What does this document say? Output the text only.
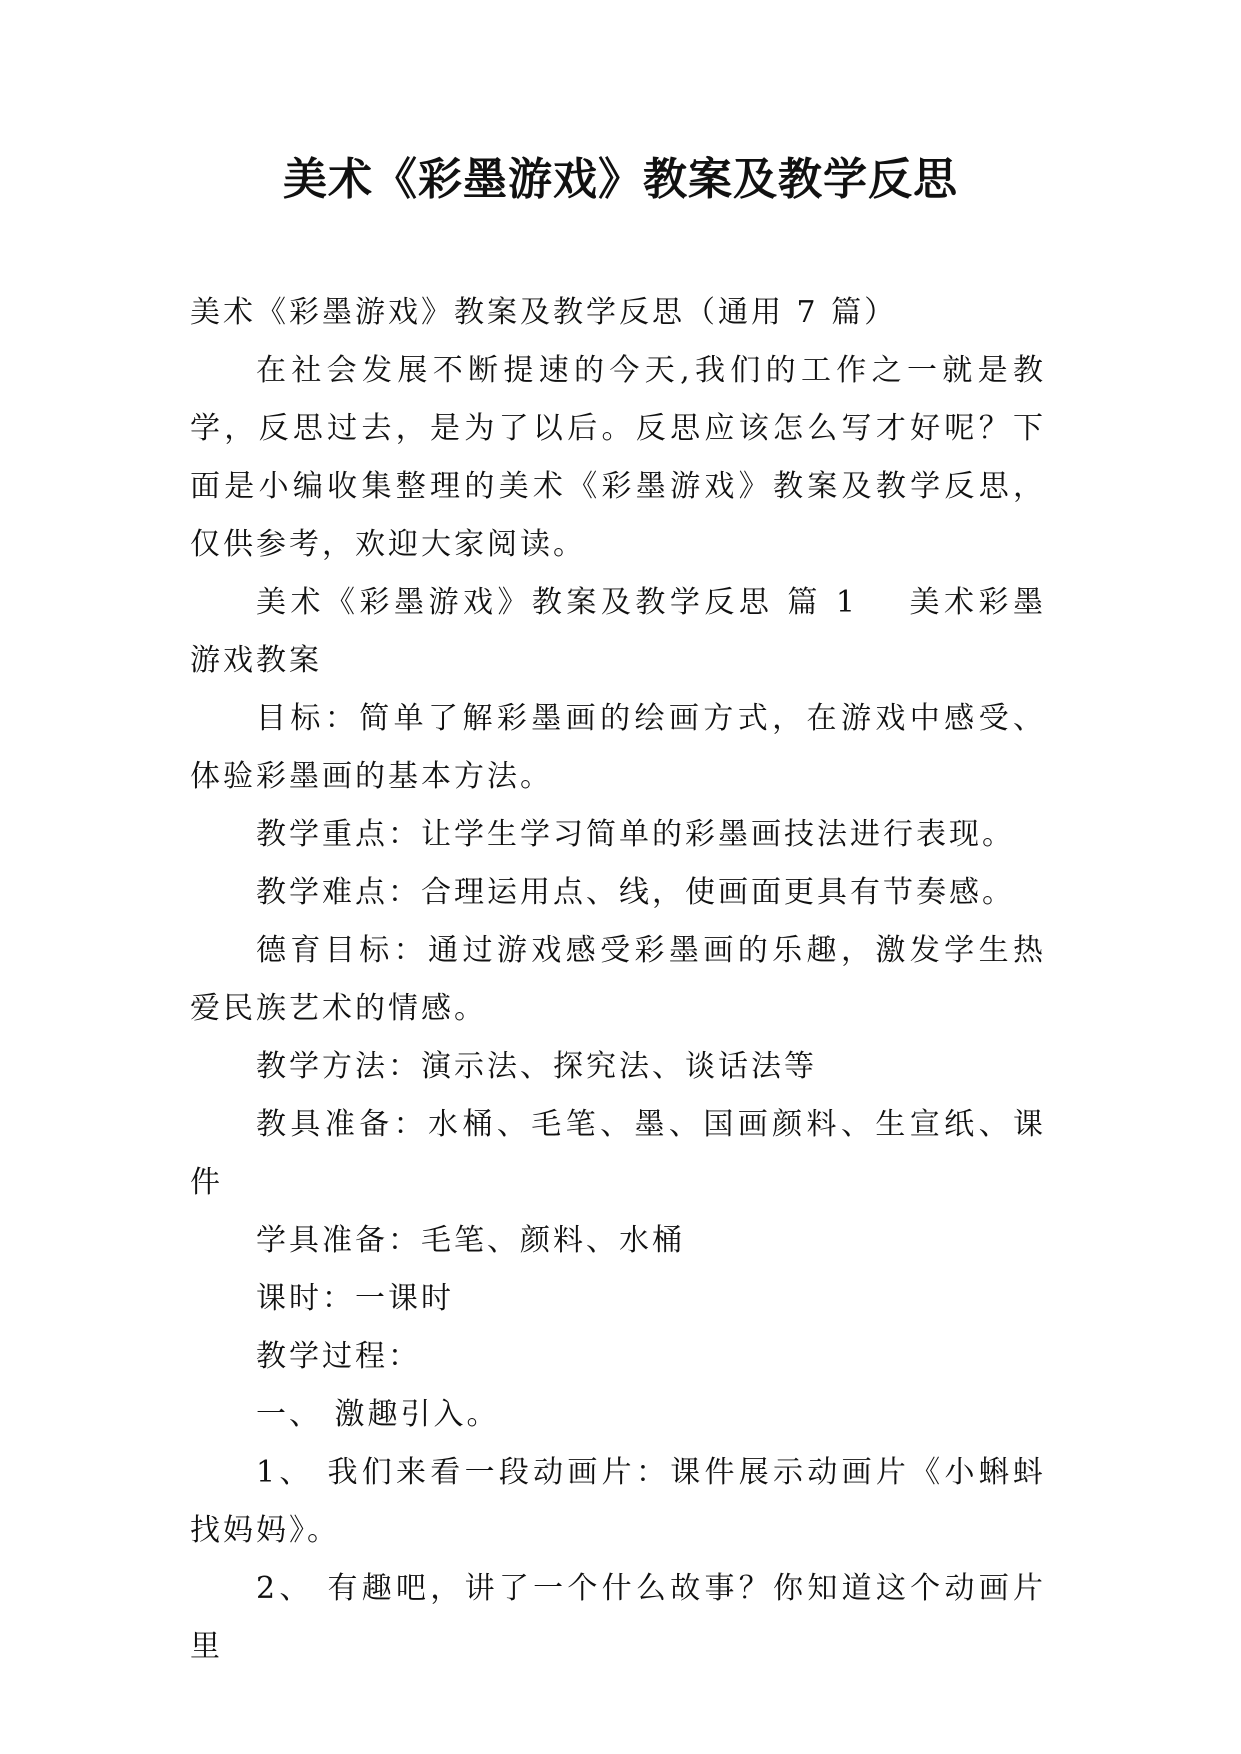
美术《彩墨游戏》教案及教学反思

美术《彩墨游戏》教案及教学反思（通用 7 篇）

在社会发展不断提速的今天,我们的工作之一就是教学，反思过去，是为了以后。反思应该怎么写才好呢？下面是小编收集整理的美术《彩墨游戏》教案及教学反思，仅供参考，欢迎大家阅读。

美术《彩墨游戏》教案及教学反思 篇 1 美术彩墨游戏教案

目标：简单了解彩墨画的绘画方式，在游戏中感受、体验彩墨画的基本方法。

教学重点：让学生学习简单的彩墨画技法进行表现。

教学难点：合理运用点、线，使画面更具有节奏感。

德育目标：通过游戏感受彩墨画的乐趣，激发学生热爱民族艺术的情感。

教学方法：演示法、探究法、谈话法等

教具准备：水桶、毛笔、墨、国画颜料、生宣纸、课件

学具准备：毛笔、颜料、水桶

课时：一课时

教学过程：

一、 激趣引入。

1、 我们来看一段动画片：课件展示动画片《小蝌蚪找妈妈》。

2、 有趣吧，讲了一个什么故事？你知道这个动画片里
